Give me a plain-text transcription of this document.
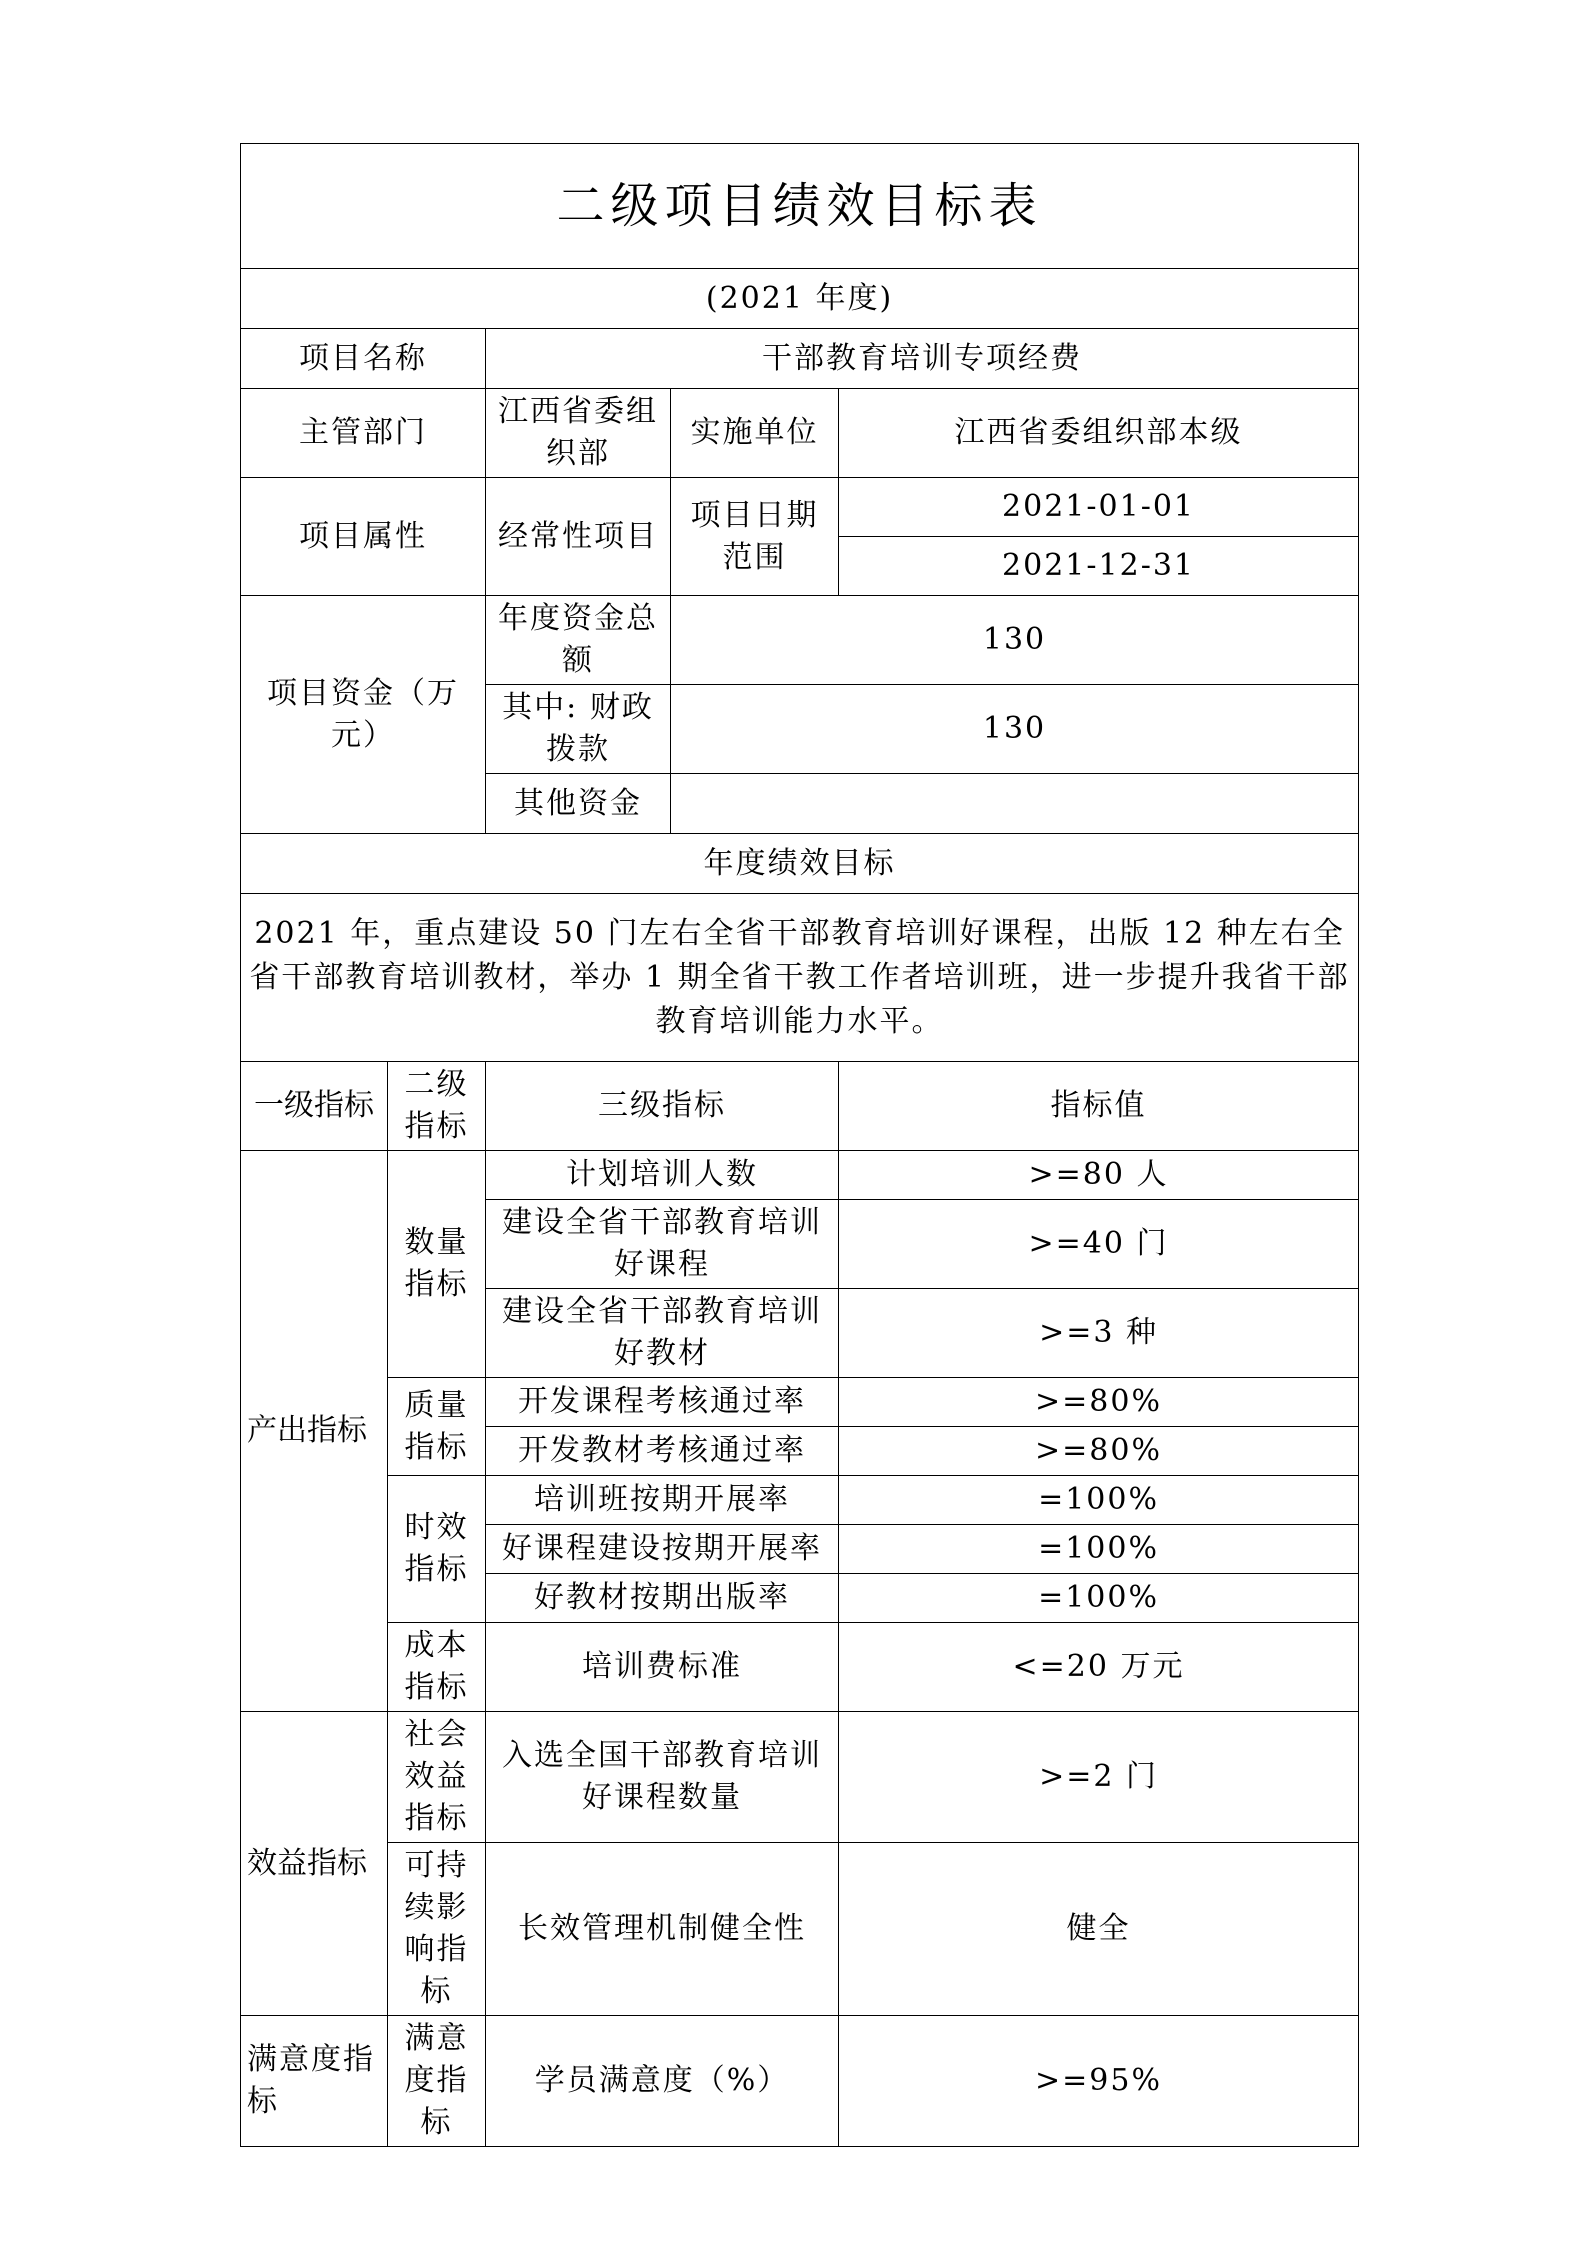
二级项目绩效目标表				
(2021 年度)				
项目名称		干部教育培训专项经费		
主管部门		江西省委组织部	实施单位	江西省委组织部本级
项目属性		经常性项目	项目日期范围	2021-01-01
				2021-12-31
项目资金（万元）		年度资金总额	130	
		其中: 财政拨款	130	
		其他资金		
年度绩效目标				
2021 年，重点建设 50 门左右全省干部教育培训好课程，出版 12 种左右全省干部教育培训教材，举办 1 期全省干教工作者培训班，进一步提升我省干部教育培训能力水平。				
一级指标	二级指标	三级指标		指标值
产出指标	数量指标	计划培训人数		>=80 人
		建设全省干部教育培训好课程		>=40 门
		建设全省干部教育培训好教材		>=3 种
	质量指标	开发课程考核通过率		>=80%
		开发教材考核通过率		>=80%
	时效指标	培训班按期开展率		=100%
		好课程建设按期开展率		=100%
		好教材按期出版率		=100%
	成本指标	培训费标准		<=20 万元
效益指标	社会效益指标	入选全国干部教育培训好课程数量		>=2 门
	可持续影响指标	长效管理机制健全性		健全
满意度指标	满意度指标	学员满意度（%）		>=95%
